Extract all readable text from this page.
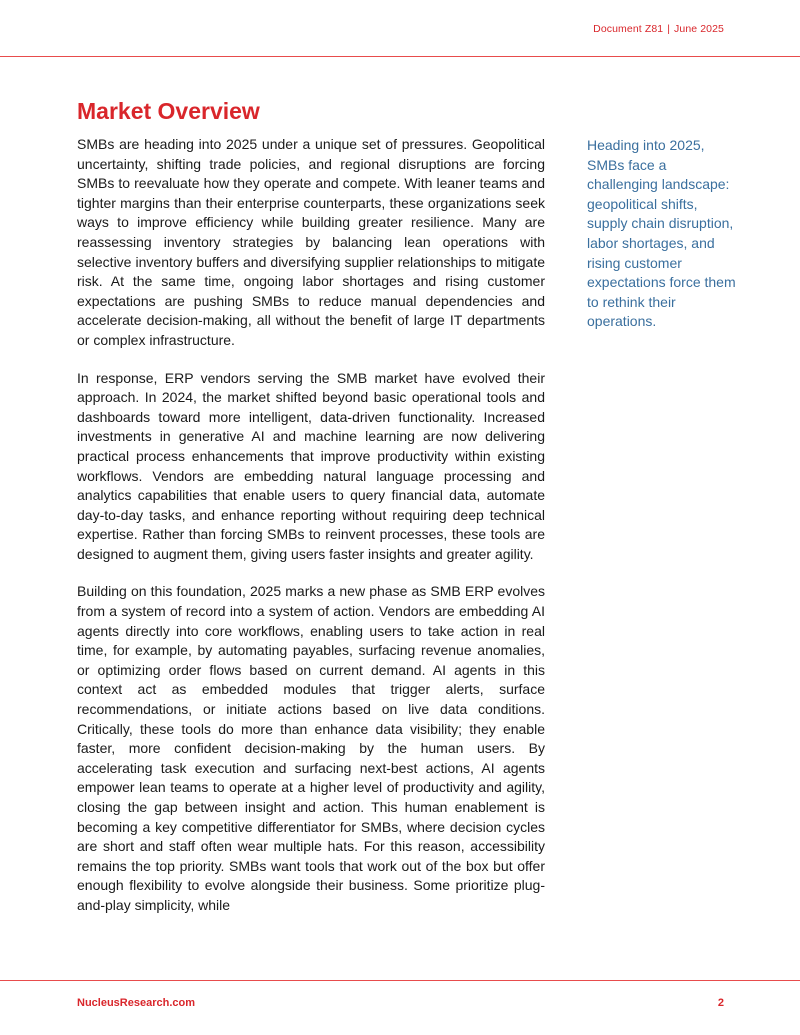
Document Z81 | June 2025
Market Overview

SMBs are heading into 2025 under a unique set of pressures. Geopolitical uncertainty, shifting trade policies, and regional disruptions are forcing SMBs to reevaluate how they operate and compete. With leaner teams and tighter margins than their enterprise counterparts, these organizations seek ways to improve efficiency while building greater resilience. Many are reassessing inventory strategies by balancing lean operations with selective inventory buffers and diversifying supplier relationships to mitigate risk. At the same time, ongoing labor shortages and rising customer expectations are pushing SMBs to reduce manual dependencies and accelerate decision-making, all without the benefit of large IT departments or complex infrastructure.

In response, ERP vendors serving the SMB market have evolved their approach. In 2024, the market shifted beyond basic operational tools and dashboards toward more intelligent, data-driven functionality. Increased investments in generative AI and machine learning are now delivering practical process enhancements that improve productivity within existing workflows. Vendors are embedding natural language processing and analytics capabilities that enable users to query financial data, automate day-to-day tasks, and enhance reporting without requiring deep technical expertise. Rather than forcing SMBs to reinvent processes, these tools are designed to augment them, giving users faster insights and greater agility.

Building on this foundation, 2025 marks a new phase as SMB ERP evolves from a system of record into a system of action. Vendors are embedding AI agents directly into core workflows, enabling users to take action in real time, for example, by automating payables, surfacing revenue anomalies, or optimizing order flows based on current demand. AI agents in this context act as embedded modules that trigger alerts, surface recommendations, or initiate actions based on live data conditions. Critically, these tools do more than enhance data visibility; they enable faster, more confident decision-making by the human users. By accelerating task execution and surfacing next-best actions, AI agents empower lean teams to operate at a higher level of productivity and agility, closing the gap between insight and action. This human enablement is becoming a key competitive differentiator for SMBs, where decision cycles are short and staff often wear multiple hats. For this reason, accessibility remains the top priority. SMBs want tools that work out of the box but offer enough flexibility to evolve alongside their business. Some prioritize plug-and-play simplicity, while

Heading into 2025, SMBs face a challenging landscape: geopolitical shifts, supply chain disruption, labor shortages, and rising customer expectations force them to rethink their operations.

NucleusResearch.com	2
